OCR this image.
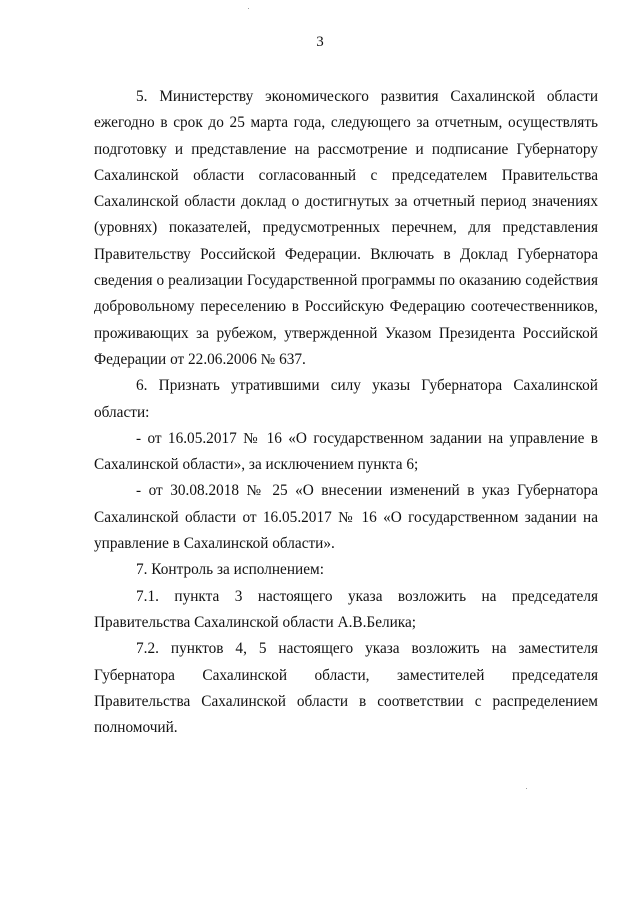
3

5. Министерству экономического развития Сахалинской области ежегодно в срок до 25 марта года, следующего за отчетным, осуществлять подготовку и представление на рассмотрение и подписание Губернатору Сахалинской области согласованный с председателем Правительства Сахалинской области доклад о достигнутых за отчетный период значениях (уровнях) показателей, предусмотренных перечнем, для представления Правительству Российской Федерации. Включать в Доклад Губернатора сведения о реализации Государственной программы по оказанию содействия добровольному переселению в Российскую Федерацию соотечественников, проживающих за рубежом, утвержденной Указом Президента Российской Федерации от 22.06.2006 № 637.

6. Признать утратившими силу указы Губернатора Сахалинской области:

- от 16.05.2017 № 16 «О государственном задании на управление в Сахалинской области», за исключением пункта 6;

- от 30.08.2018 № 25 «О внесении изменений в указ Губернатора Сахалинской области от 16.05.2017 № 16 «О государственном задании на управление в Сахалинской области».

7. Контроль за исполнением:

7.1. пункта 3 настоящего указа возложить на председателя Правительства Сахалинской области А.В.Белика;

7.2. пунктов 4, 5 настоящего указа возложить на заместителя Губернатора Сахалинской области, заместителей председателя Правительства Сахалинской области в соответствии с распределением полномочий.
